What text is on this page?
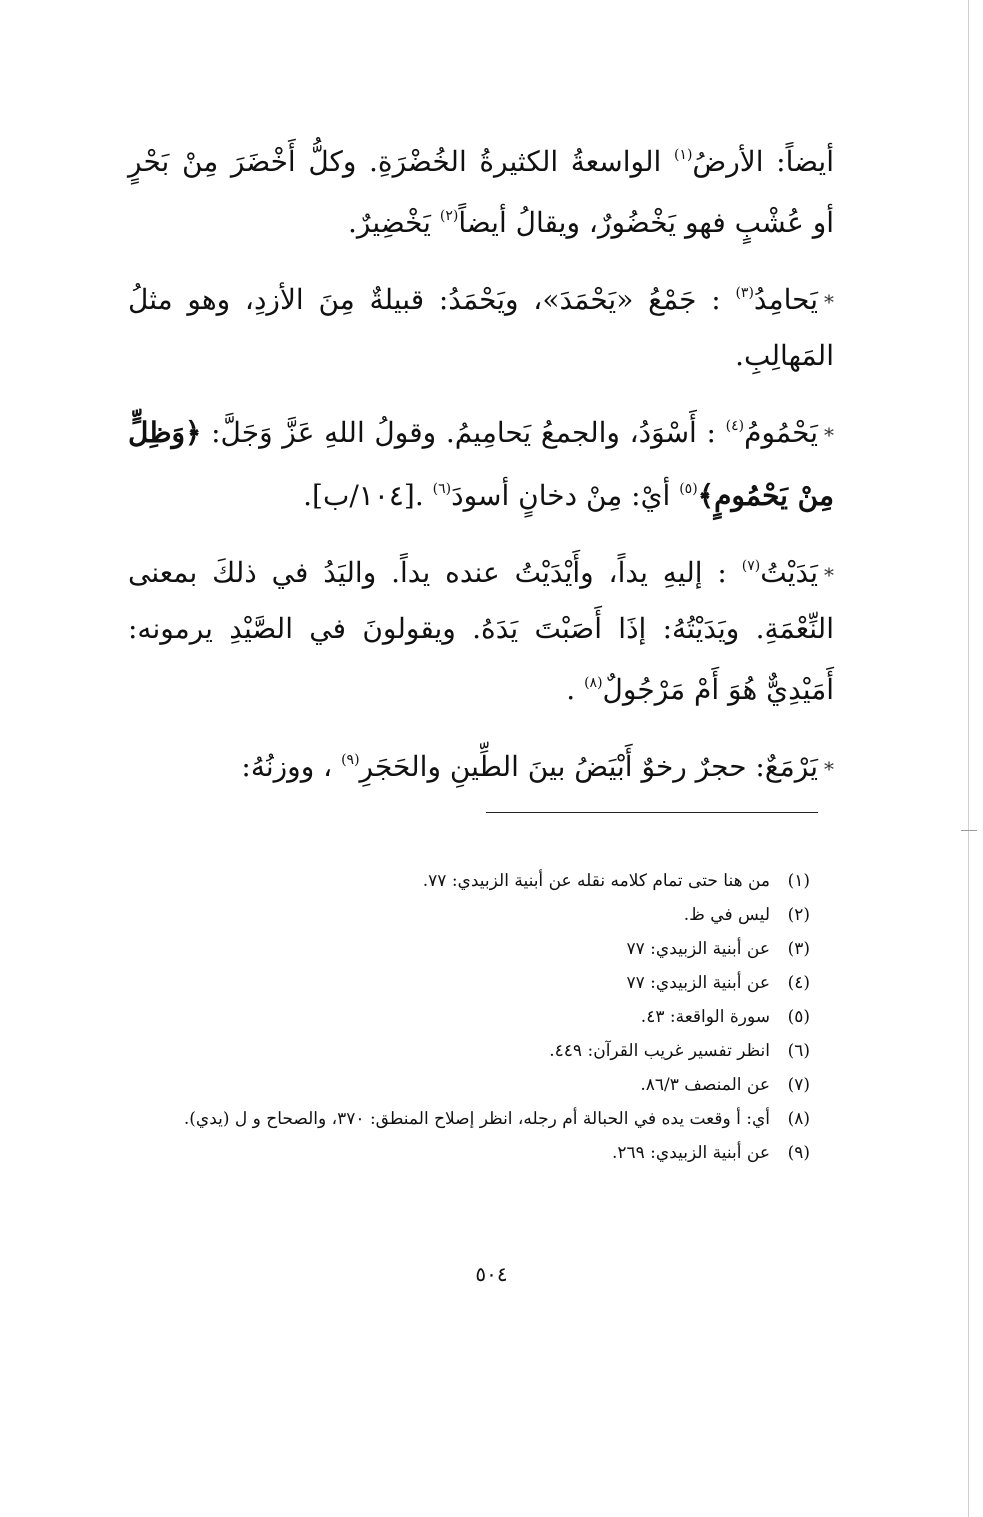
أيضاً: الأرضُ$^{(١)}$ الواسعةُ الكثيرةُ الخُضْرَةِ. وكلُّ أَخْضَرَ مِنْ بَحْرٍ أو عُشْبٍ فهو يَخْضُورٌ، ويقالُ أيضاً$^{(٢)}$ يَخْضِيرٌ.

*يَحامِدُ$^{(٣)}$ : جَمْعُ «يَحْمَدَ»، ويَحْمَدُ: قبيلةٌ مِنَ الأزدِ، وهو مثلُ المَهالِبِ.

*يَحْمُومُ$^{(٤)}$ : أَسْوَدُ، والجمعُ يَحامِيمُ. وقولُ اللهِ عَزَّ وَجَلَّ: ﴿وَظِلٍّ مِنْ يَحْمُومٍ﴾$^{(٥)}$ أيْ: مِنْ دخانٍ أسودَ$^{(٦)}$ .[١٠٤/ب].

*يَدَيْتُ$^{(٧)}$ : إليهِ يداً، وأَيْدَيْتُ عنده يداً. واليَدُ في ذلكَ بمعنى النِّعْمَةِ. ويَدَيْتُهُ: إذَا أَصَبْتَ يَدَهُ. ويقولونَ في الصَّيْدِ يرمونه: أَمَيْدِيٌّ هُوَ أَمْ مَرْجُولٌ$^{(٨)}$ .

*يَرْمَعٌ: حجرٌ رخوٌ أَبْيَضُ بينَ الطِّينِ والحَجَرِ$^{(٩)}$ ، ووزنُهُ:

(١)
من هنا حتى تمام كلامه نقله عن أبنية الزبيدي: ٧٧.
(٢)
ليس في ظ.
(٣)
عن أبنية الزبيدي: ٧٧
(٤)
عن أبنية الزبيدي: ٧٧
(٥)
سورة الواقعة: ٤٣.
(٦)
انظر تفسير غريب القرآن: ٤٤٩.
(٧)
عن المنصف ٨٦/٣.
(٨)
أي: أ وقعت يده في الحبالة أم رجله، انظر إصلاح المنطق: ٣٧٠، والصحاح و ل (يدي).
(٩)
عن أبنية الزبيدي: ٢٦٩.
٥٠٤
